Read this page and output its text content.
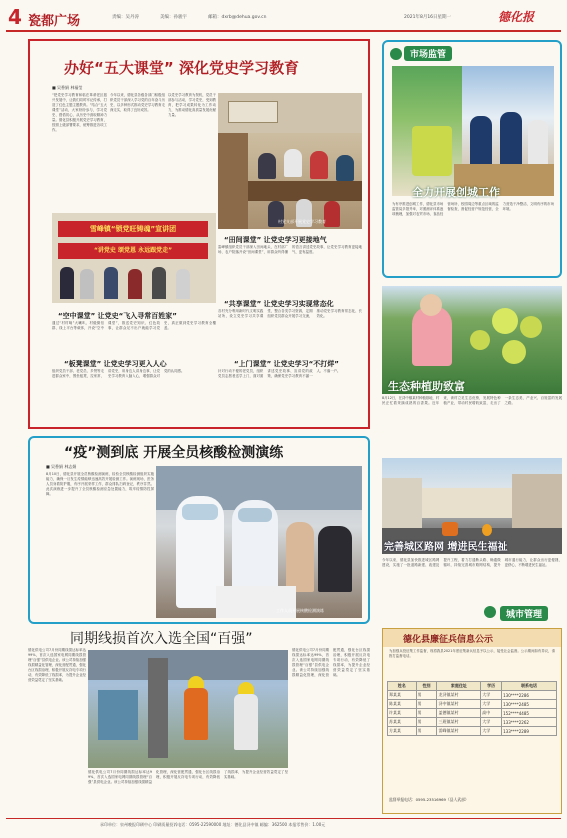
4 瓷都广场	责编：吴丹涛	美编：孙骏宇	邮箱：dxrb@dehua.gov.cn	2021年8月16日星期一	德化报
办好“五大课堂” 深化党史学习教育
■ 吴香娟 林福莹
“把党史学习教育和临在革命老区振兴发展中，让我们同时牢记传承，打造了红色主题主题教育。”结合“五大课堂”活动，大家纷纷参与，学习党史、感悟初心，从历史中汲取精神力量。德化县积极开展党史学习教育，按照上级部署要求，统筹推进各项工作。
今年以来，德化县各级各部门积极组织党员干部深入学习党的百年奋斗历史，以多种形式推动党史学习教育走深走实，取得了良好成效。
以党史学习教育为契机，党员干部参与活动，学习党史，受到教育，把学习成果转化为工作动力，为推动德化高质量发展贡献力量。
村党支部开展党史学习教育
雪峰镇“锁党旺铸魂”宣讲团
“讲党史 颂党恩 永远跟党走”
“田间课堂” 让党史学习更接地气
雷峰镇组织党员干部深入田间地头，在村部广场、农户院落开设“田间课堂”，用群众听得懂的语言讲述党史故事，让党史学习教育更接地气、更有温度。
“空中课堂” 让党史“飞入寻常百姓家”
通过“村村响”大喇叭、村级微信群、线上平台等载体，开设“空中课堂”，推送党史知识、红色故事，让群众足不出户就能学习党史，真正做到党史学习教育全覆盖。
“共享课堂” 让党史学习实现常态化
各村充分利用新时代文明实践站所，设立党史学习共享课堂，整合各类学习资源，定期组织党员群众开展学习交流，推动党史学习教育常态化、长效化。
“板凳课堂” 让党史学习更入人心
组织党员干部、老党员、乡贤等走进群众家中，围坐板凳，拉家常、讲党史，用身边人讲身边事，让党史学习教育入脑入心，增强群众对党的认同感。
“上门课堂” 让党史学习“不打烊”
针对行动不便的老党员，组织党员志愿者送学上门，面对面讲述党史故事、宣讲党的政策，确保党史学习教育不漏一人、不落一户。
市场监管
全力开展创城工作
为有序推进创城工作，德化县市场监管局多措并举，对照测评体系逐项梳理，加强对农贸市场、食品经营场所、校园周边等重点区域的监督检查，督促经营户规范经营，全力营造干净整洁、文明有序的市场环境。
生态种植助致富
8月12日，在浔中镇某村种植基地，村民正忙着采摘成熟的百香果。近年来，该村立足生态优势，发展特色种植产业，带动村民增收致富，走出了一条生态美、产业兴、百姓富的发展之路。
“疫”测到底 开展全员核酸检测演练
■ 吴香娟 林志娟
8月10日，德化县开展全员核酸检测演练，检验全员核酸检测组织实施能力，确保一旦发生疫情能够迅速高效开展检测工作。演练现场，医务人员身着防护服，有序开展采样工作，群众排队扫码登记，秩序井然。此次演练进一步提升了全员核酸检测应急处置能力，筑牢疫情防控屏障。
工作人员开展核酸检测演练
完善城区路网 增进民生福祉
今年以来，德化县加快推进城区路网建设，实施了一批道路新建、改建及提升工程，着力打通断头路、畅通微循环，持续完善城市路网结构，提升城市通行能力，让群众出行更便捷、更舒心，不断增进民生福祉。
城市管理
同期线损首次入选全国“百强”
德化供电公司7月份同期线损达标率达99%，首次入选国家电网同期线损管理“百强”县供电企业。该公司持续加强线损精益化管理，深化营配贯通，强化台区线损治理，积极开展反窃电专项行动，有效降低了线损率，为提升企业经营效益奠定了坚实基础。
德化供电公司7月份同期线损达标率达99%，首次入选国家电网同期线损管理“百强”县供电企业。该公司持续加强线损精益化管理，深化营配贯通，强化台区线损治理，积极开展反窃电专项行动，有效降低了线损率，为提升企业经营效益奠定了坚实基础。
德化供电公司7月份同期线损达标率达99%，首次入选国家电网同期线损管理“百强”县供电企业。该公司持续加强线损精益化管理，深化营配贯通，强化台区线损治理，积极开展反窃电专项行动，有效降低了线损率，为提升企业经营效益奠定了坚实基础。
德化县廉征兵信息公示
为加强兵役征集工作监督，现将我县2021年度征集新兵信息予以公示，接受社会监督。公示期间如有异议，请拨打监督电话。
姓名	性别	家庭住址	学历	联系电话
郑某某	男	龙浔镇某村	大学	130****2286
陈某某	男	浔中镇某村	大学	130****2485
许某某	男	盖德镇某村	高中	152****4485
苏某某	男	三班镇某村	大学	133****2262
方某某	男	雷峰镇某村	大学	133****2289
监督举报电话：0595-23516969（县人武部）
承印单位：泉州晚报印刷中心 印刷质量投诉电话：0595-22590000 地址：德化县浔中镇 邮编：362500 本报零售价：1.00元
